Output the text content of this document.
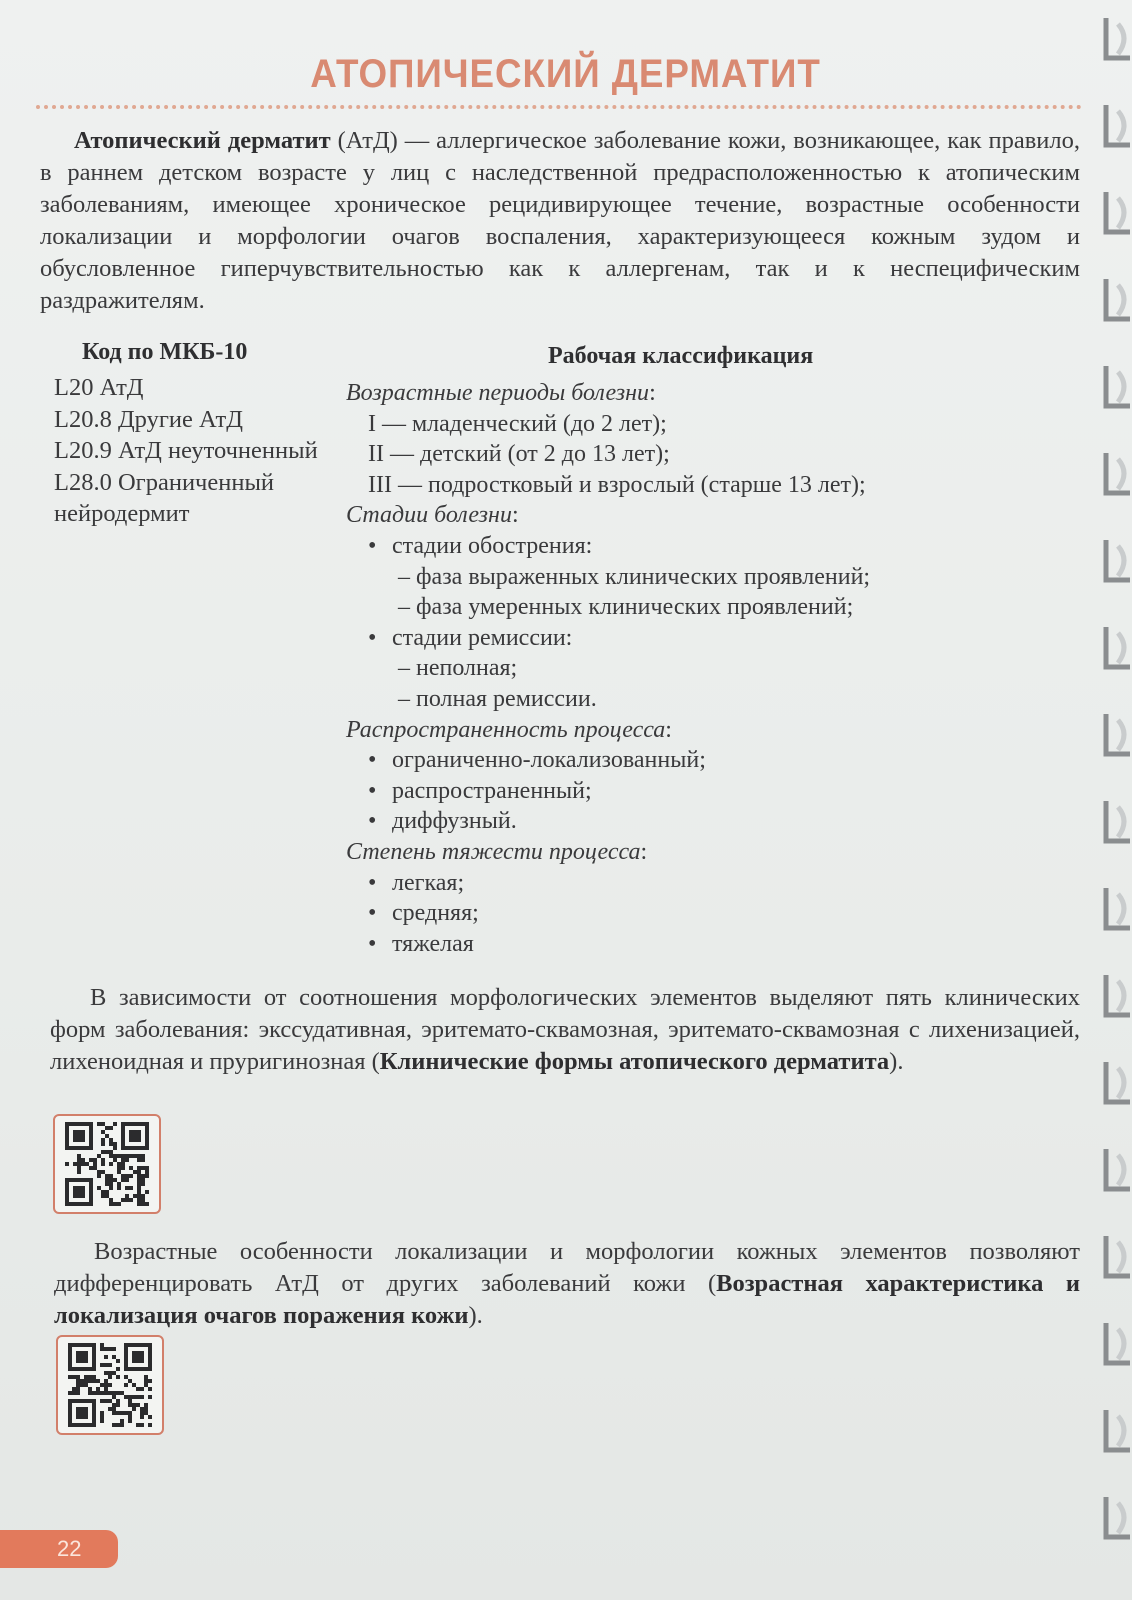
АТОПИЧЕСКИЙ ДЕРМАТИТ

Атопический дерматит (АтД) — аллергическое заболевание кожи, возникающее, как правило, в раннем детском возрасте у лиц с наследственной предрасположенностью к атопическим заболеваниям, имеющее хроническое рецидивирующее течение, возрастные особенности локализации и морфологии очагов воспаления, характеризующееся кожным зудом и обусловленное гиперчувствительностью как к аллергенам, так и к неспецифическим раздражителям.

Код по МКБ-10
L20 АтД
L20.8 Другие АтД
L20.9 АтД неуточненный
L28.0 Ограниченный нейродермит
Рабочая классификация
Возрастные периоды болезни:
I — младенческий (до 2 лет);
II — детский (от 2 до 13 лет);
III — подростковый и взрослый (старше 13 лет);
Стадии болезни:
• стадии обострения:
– фаза выраженных клинических проявлений;
– фаза умеренных клинических проявлений;
• стадии ремиссии:
– неполная;
– полная ремиссии.
Распространенность процесса:
• ограниченно-локализованный;
• распространенный;
• диффузный.
Степень тяжести процесса:
• легкая;
• средняя;
• тяжелая

В зависимости от соотношения морфологических элементов выделяют пять клинических форм заболевания: экссудативная, эритемато-сквамозная, эритемато-сквамозная с лихенизацией, лихеноидная и пруригинозная (Клинические формы атопического дерматита).

Возрастные особенности локализации и морфологии кожных элементов позволяют дифференцировать АтД от других заболеваний кожи (Возрастная характеристика и локализация очагов поражения кожи).

22
